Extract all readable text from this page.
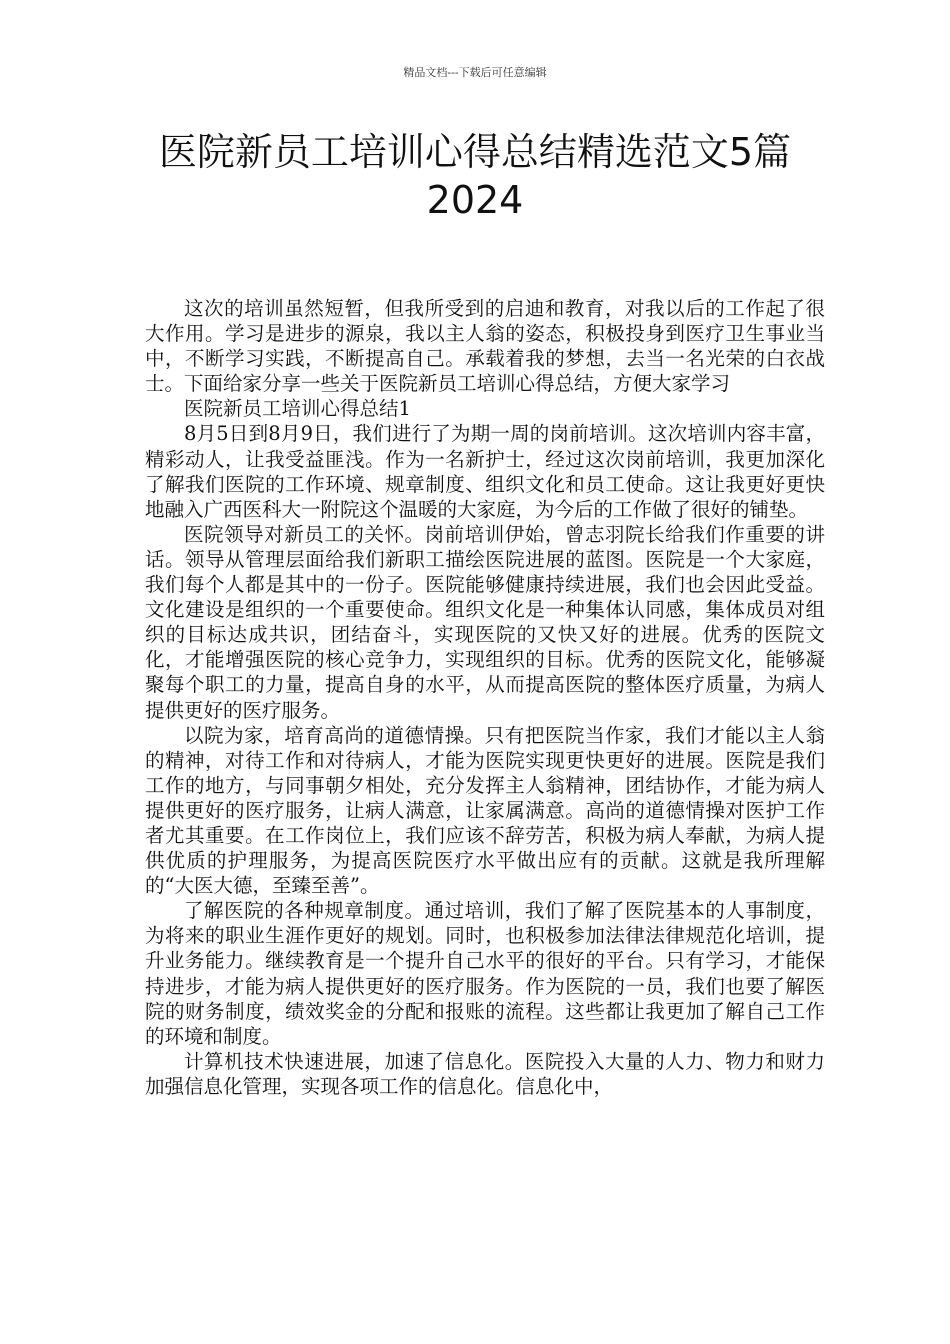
精品文档---下载后可任意编辑
医院新员工培训心得总结精选范文5篇
2024

这次的培训虽然短暂，但我所受到的启迪和教育，对我以后的工作起了很大作用。学习是进步的源泉，我以主人翁的姿态，积极投身到医疗卫生事业当中，不断学习实践，不断提高自己。承载着我的梦想，去当一名光荣的白衣战士。下面给家分享一些关于医院新员工培训心得总结，方便大家学习

医院新员工培训心得总结1

8月5日到8月9日，我们进行了为期一周的岗前培训。这次培训内容丰富，精彩动人，让我受益匪浅。作为一名新护士，经过这次岗前培训，我更加深化了解我们医院的工作环境、规章制度、组织文化和员工使命。这让我更好更快地融入广西医科大一附院这个温暖的大家庭，为今后的工作做了很好的铺垫。

医院领导对新员工的关怀。岗前培训伊始，曾志羽院长给我们作重要的讲话。领导从管理层面给我们新职工描绘医院进展的蓝图。医院是一个大家庭，我们每个人都是其中的一份子。医院能够健康持续进展，我们也会因此受益。文化建设是组织的一个重要使命。组织文化是一种集体认同感，集体成员对组织的目标达成共识，团结奋斗，实现医院的又快又好的进展。优秀的医院文化，才能增强医院的核心竞争力，实现组织的目标。优秀的医院文化，能够凝聚每个职工的力量，提高自身的水平，从而提高医院的整体医疗质量，为病人提供更好的医疗服务。

以院为家，培育高尚的道德情操。只有把医院当作家，我们才能以主人翁的精神，对待工作和对待病人，才能为医院实现更快更好的进展。医院是我们工作的地方，与同事朝夕相处，充分发挥主人翁精神，团结协作，才能为病人提供更好的医疗服务，让病人满意，让家属满意。高尚的道德情操对医护工作者尤其重要。在工作岗位上，我们应该不辞劳苦，积极为病人奉献，为病人提供优质的护理服务，为提高医院医疗水平做出应有的贡献。这就是我所理解的“大医大德，至臻至善”。

了解医院的各种规章制度。通过培训，我们了解了医院基本的人事制度，为将来的职业生涯作更好的规划。同时，也积极参加法律法律规范化培训，提升业务能力。继续教育是一个提升自己水平的很好的平台。只有学习，才能保持进步，才能为病人提供更好的医疗服务。作为医院的一员，我们也要了解医院的财务制度，绩效奖金的分配和报账的流程。这些都让我更加了解自己工作的环境和制度。

计算机技术快速进展，加速了信息化。医院投入大量的人力、物力和财力加强信息化管理，实现各项工作的信息化。信息化中，
